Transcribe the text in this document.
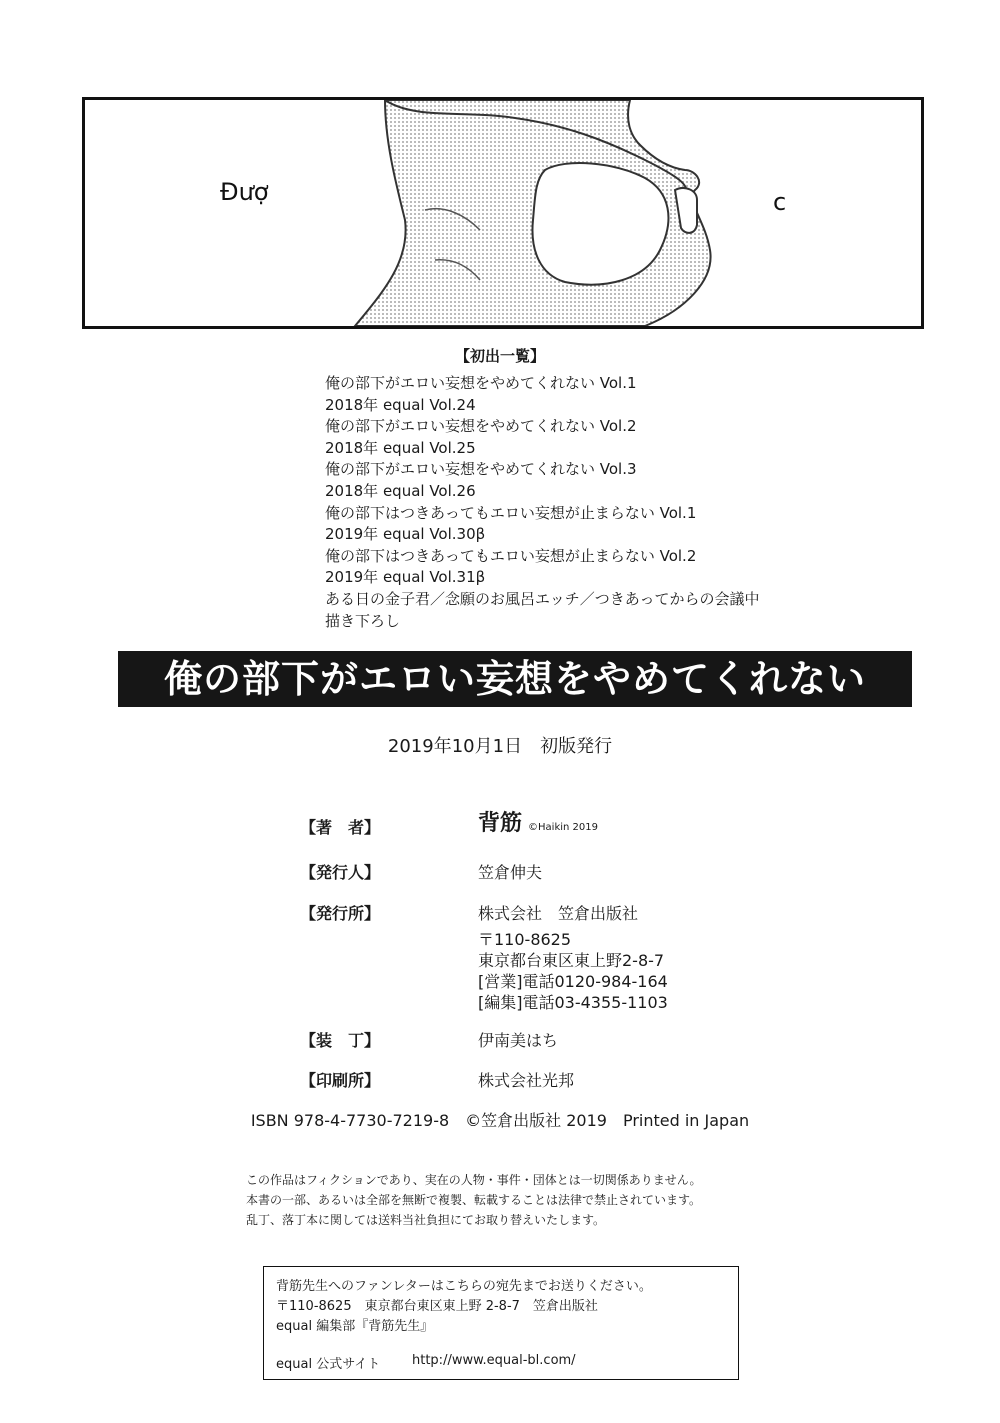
Đượ	c
【初出一覧】
俺の部下がエロい妄想をやめてくれない Vol.1
2018年 equal Vol.24
俺の部下がエロい妄想をやめてくれない Vol.2
2018年 equal Vol.25
俺の部下がエロい妄想をやめてくれない Vol.3
2018年 equal Vol.26
俺の部下はつきあってもエロい妄想が止まらない Vol.1
2019年 equal Vol.30β
俺の部下はつきあってもエロい妄想が止まらない Vol.2
2019年 equal Vol.31β
ある日の金子君／念願のお風呂エッチ／つきあってからの会議中
描き下ろし
俺の部下がエロい妄想をやめてくれない
2019年10月1日　初版発行
【著　者】	背筋 ©Haikin 2019
【発行人】	笠倉伸夫
【発行所】	株式会社　笠倉出版社
〒110-8625
東京都台東区東上野2-8-7
[営業]電話0120-984-164
[編集]電話03-4355-1103
【装　丁】	伊南美はち
【印刷所】	株式会社光邦
ISBN 978-4-7730-7219-8　©笠倉出版社 2019　Printed in Japan
この作品はフィクションであり、実在の人物・事件・団体とは一切関係ありません。
本書の一部、あるいは全部を無断で複製、転載することは法律で禁止されています。
乱丁、落丁本に関しては送料当社負担にてお取り替えいたします。
背筋先生へのファンレターはこちらの宛先までお送りください。
〒110-8625　東京都台東区東上野 2-8-7　笠倉出版社
equal 編集部『背筋先生』
equal 公式サイト http://www.equal-bl.com/
